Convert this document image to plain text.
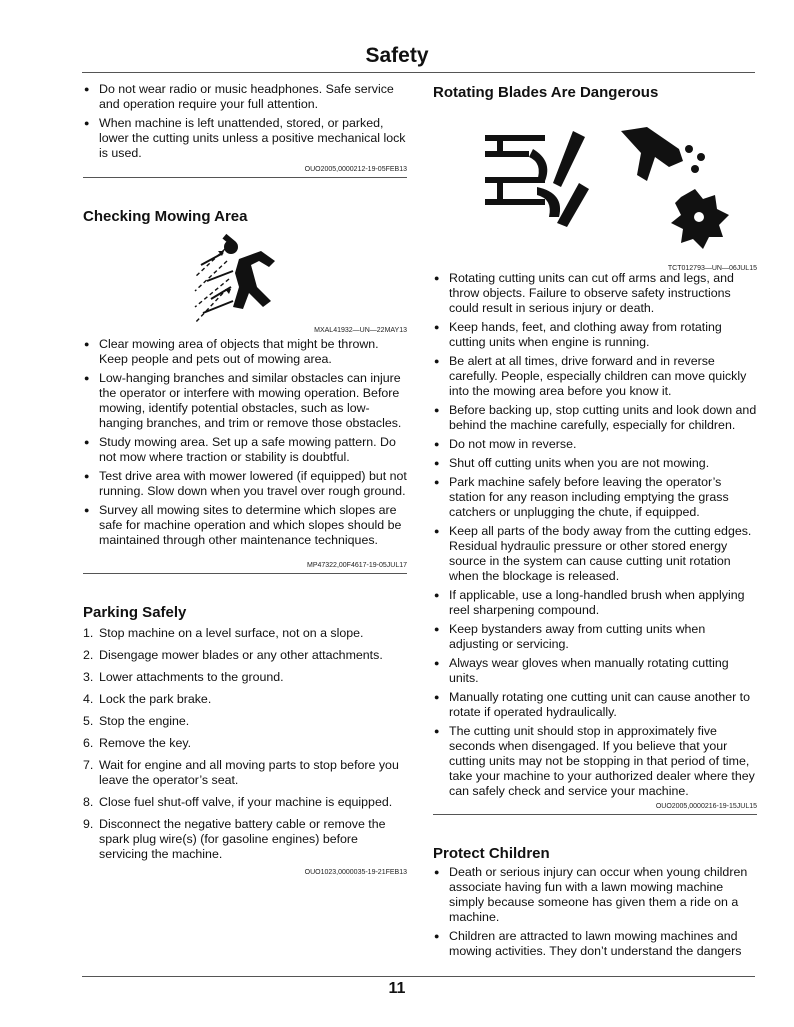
Safety
● Do not wear radio or music headphones. Safe service and operation require your full attention.
● When machine is left unattended, stored, or parked, lower the cutting units unless a positive mechanical lock is used.
OUO2005,0000212-19-05FEB13
Checking Mowing Area
MXAL41932—UN—22MAY13
● Clear mowing area of objects that might be thrown. Keep people and pets out of mowing area.
● Low-hanging branches and similar obstacles can injure the operator or interfere with mowing operation. Before mowing, identify potential obstacles, such as low-hanging branches, and trim or remove those obstacles.
● Study mowing area. Set up a safe mowing pattern. Do not mow where traction or stability is doubtful.
● Test drive area with mower lowered (if equipped) but not running. Slow down when you travel over rough ground.
● Survey all mowing sites to determine which slopes are safe for machine operation and which slopes should be maintained through other maintenance techniques.
MP47322,00F4617-19-05JUL17
Parking Safely
1. Stop machine on a level surface, not on a slope.
2. Disengage mower blades or any other attachments.
3. Lower attachments to the ground.
4. Lock the park brake.
5. Stop the engine.
6. Remove the key.
7. Wait for engine and all moving parts to stop before you leave the operator’s seat.
8. Close fuel shut-off valve, if your machine is equipped.
9. Disconnect the negative battery cable or remove the spark plug wire(s) (for gasoline engines) before servicing the machine.
OUO1023,0000035-19-21FEB13
Rotating Blades Are Dangerous
TCT012793—UN—06JUL15
● Rotating cutting units can cut off arms and legs, and throw objects. Failure to observe safety instructions could result in serious injury or death.
● Keep hands, feet, and clothing away from rotating cutting units when engine is running.
● Be alert at all times, drive forward and in reverse carefully. People, especially children can move quickly into the mowing area before you know it.
● Before backing up, stop cutting units and look down and behind the machine carefully, especially for children.
● Do not mow in reverse.
● Shut off cutting units when you are not mowing.
● Park machine safely before leaving the operator’s station for any reason including emptying the grass catchers or unplugging the chute, if equipped.
● Keep all parts of the body away from the cutting edges. Residual hydraulic pressure or other stored energy source in the system can cause cutting unit rotation when the blockage is released.
● If applicable, use a long-handled brush when applying reel sharpening compound.
● Keep bystanders away from cutting units when adjusting or servicing.
● Always wear gloves when manually rotating cutting units.
● Manually rotating one cutting unit can cause another to rotate if operated hydraulically.
● The cutting unit should stop in approximately five seconds when disengaged. If you believe that your cutting units may not be stopping in that period of time, take your machine to your authorized dealer where they can safely check and service your machine.
OUO2005,0000216-19-15JUL15
Protect Children
● Death or serious injury can occur when young children associate having fun with a lawn mowing machine simply because someone has given them a ride on a machine.
● Children are attracted to lawn mowing machines and mowing activities. They don’t understand the dangers
11
